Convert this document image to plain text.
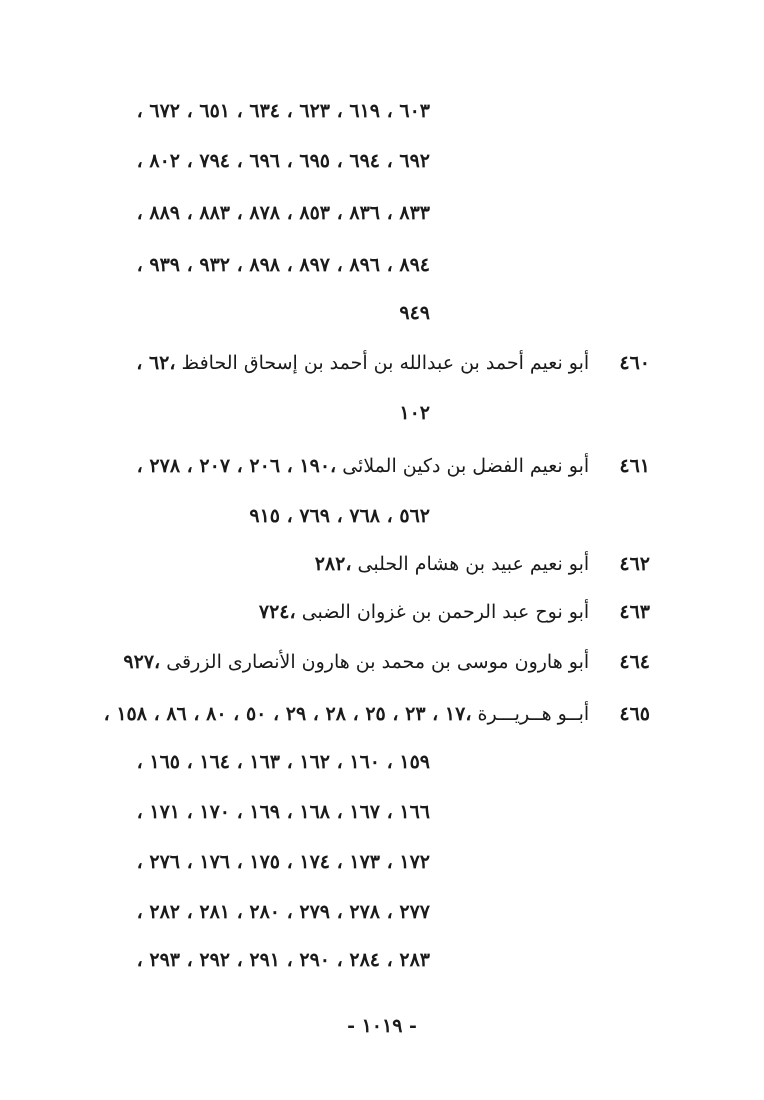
٦٠٣ ، ٦١٩ ، ٦٢٣ ، ٦٣٤ ، ٦٥١ ، ٦٧٢ ،
٦٩٢ ، ٦٩٤ ، ٦٩٥ ، ٦٩٦ ، ٧٩٤ ، ٨٠٢ ،
٨٣٣ ، ٨٣٦ ، ٨٥٣ ، ٨٧٨ ، ٨٨٣ ، ٨٨٩ ،
٨٩٤ ، ٨٩٦ ، ٨٩٧ ، ٨٩٨ ، ٩٣٢ ، ٩٣٩ ،
٩٤٩
٤٦٠     أبو نعيم أحمد بن عبدالله بن أحمد بن إسحاق الحافظ ،٦٢ ،
١٠٢
٤٦١     أبو نعيم الفضل بن دكين الملائى ،١٩٠ ، ٢٠٦ ، ٢٠٧ ، ٢٧٨ ،
٥٦٢ ، ٧٦٨ ، ٧٦٩ ، ٩١٥
٤٦٢     أبو نعيم عبيد بن هشام الحلبى ،٢٨٢
٤٦٣     أبو نوح عبد الرحمن بن غزوان الضبى ،٧٢٤
٤٦٤     أبو هارون موسى بن محمد بن هارون الأنصارى الزرقى ،٩٢٧
٤٦٥     أبــو هــريـــرة ،١٧ ، ٢٣ ، ٢٥ ، ٢٨ ، ٢٩ ، ٥٠ ، ٨٠ ، ٨٦ ، ١٥٨ ،
١٥٩ ، ١٦٠ ، ١٦٢ ، ١٦٣ ، ١٦٤ ، ١٦٥ ،
١٦٦ ، ١٦٧ ، ١٦٨ ، ١٦٩ ، ١٧٠ ، ١٧١ ،
١٧٢ ، ١٧٣ ، ١٧٤ ، ١٧٥ ، ١٧٦ ، ٢٧٦ ،
٢٧٧ ، ٢٧٨ ، ٢٧٩ ، ٢٨٠ ، ٢٨١ ، ٢٨٢ ،
٢٨٣ ، ٢٨٤ ، ٢٩٠ ، ٢٩١ ، ٢٩٢ ، ٢٩٣ ،
- ١٠١٩ -
